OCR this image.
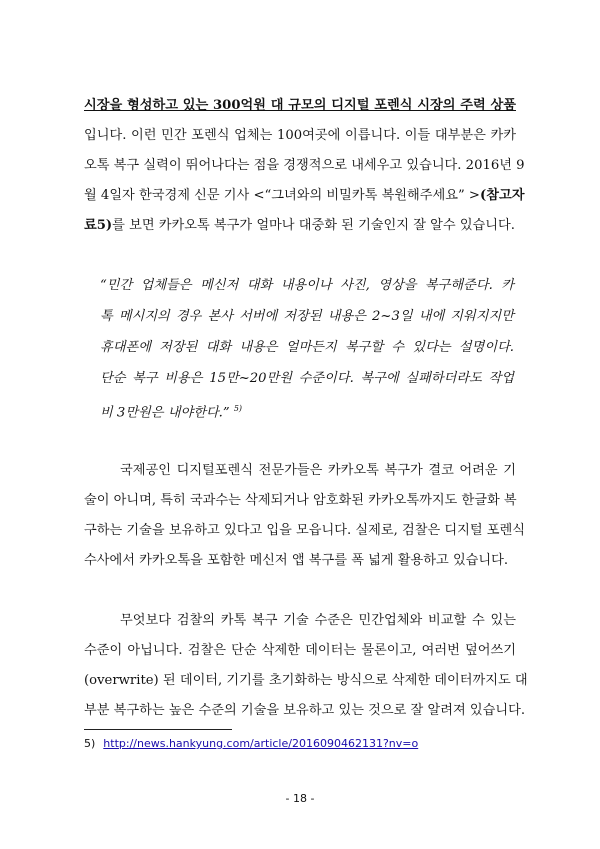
시장을 형성하고 있는 300억원 대 규모의 디지털 포렌식 시장의 주력 상품
입니다. 이런 민간 포렌식 업체는 100여곳에 이릅니다. 이들 대부분은 카카
오톡 복구 실력이 뛰어나다는 점을 경쟁적으로 내세우고 있습니다. 2016년 9
월 4일자 한국경제 신문 기사 <“그녀와의 비밀카톡 복원해주세요” >(참고자
료5)를 보면 카카오톡 복구가 얼마나 대중화 된 기술인지 잘 알수 있습니다.
“민간 업체들은 메신저 대화 내용이나 사진, 영상을 복구해준다. 카
톡 메시지의 경우 본사 서버에 저장된 내용은 2~3일 내에 지워지지만
휴대폰에 저장된 대화 내용은 얼마든지 복구할 수 있다는 설명이다.
단순 복구 비용은 15만~20만원 수준이다. 복구에 실패하더라도 작업
비 3만원은 내야한다.” $^{5)}$
국제공인 디지털포렌식 전문가들은 카카오톡 복구가 결코 어려운 기
술이 아니며, 특히 국과수는 삭제되거나 암호화된 카카오톡까지도 한글화 복
구하는 기술을 보유하고 있다고 입을 모읍니다. 실제로, 검찰은 디지털 포렌식
수사에서 카카오톡을 포함한 메신저 앱 복구를 폭 넓게 활용하고 있습니다.
무엇보다 검찰의 카톡 복구 기술 수준은 민간업체와 비교할 수 있는
수준이 아닙니다. 검찰은 단순 삭제한 데이터는 물론이고, 여러번 덮어쓰기
(overwrite) 된 데이터, 기기를 초기화하는 방식으로 삭제한 데이터까지도 대
부분 복구하는 높은 수준의 기술을 보유하고 있는 것으로 잘 알려져 있습니다.
5) http://news.hankyung.com/article/2016090462131?nv=o
- 18 -
